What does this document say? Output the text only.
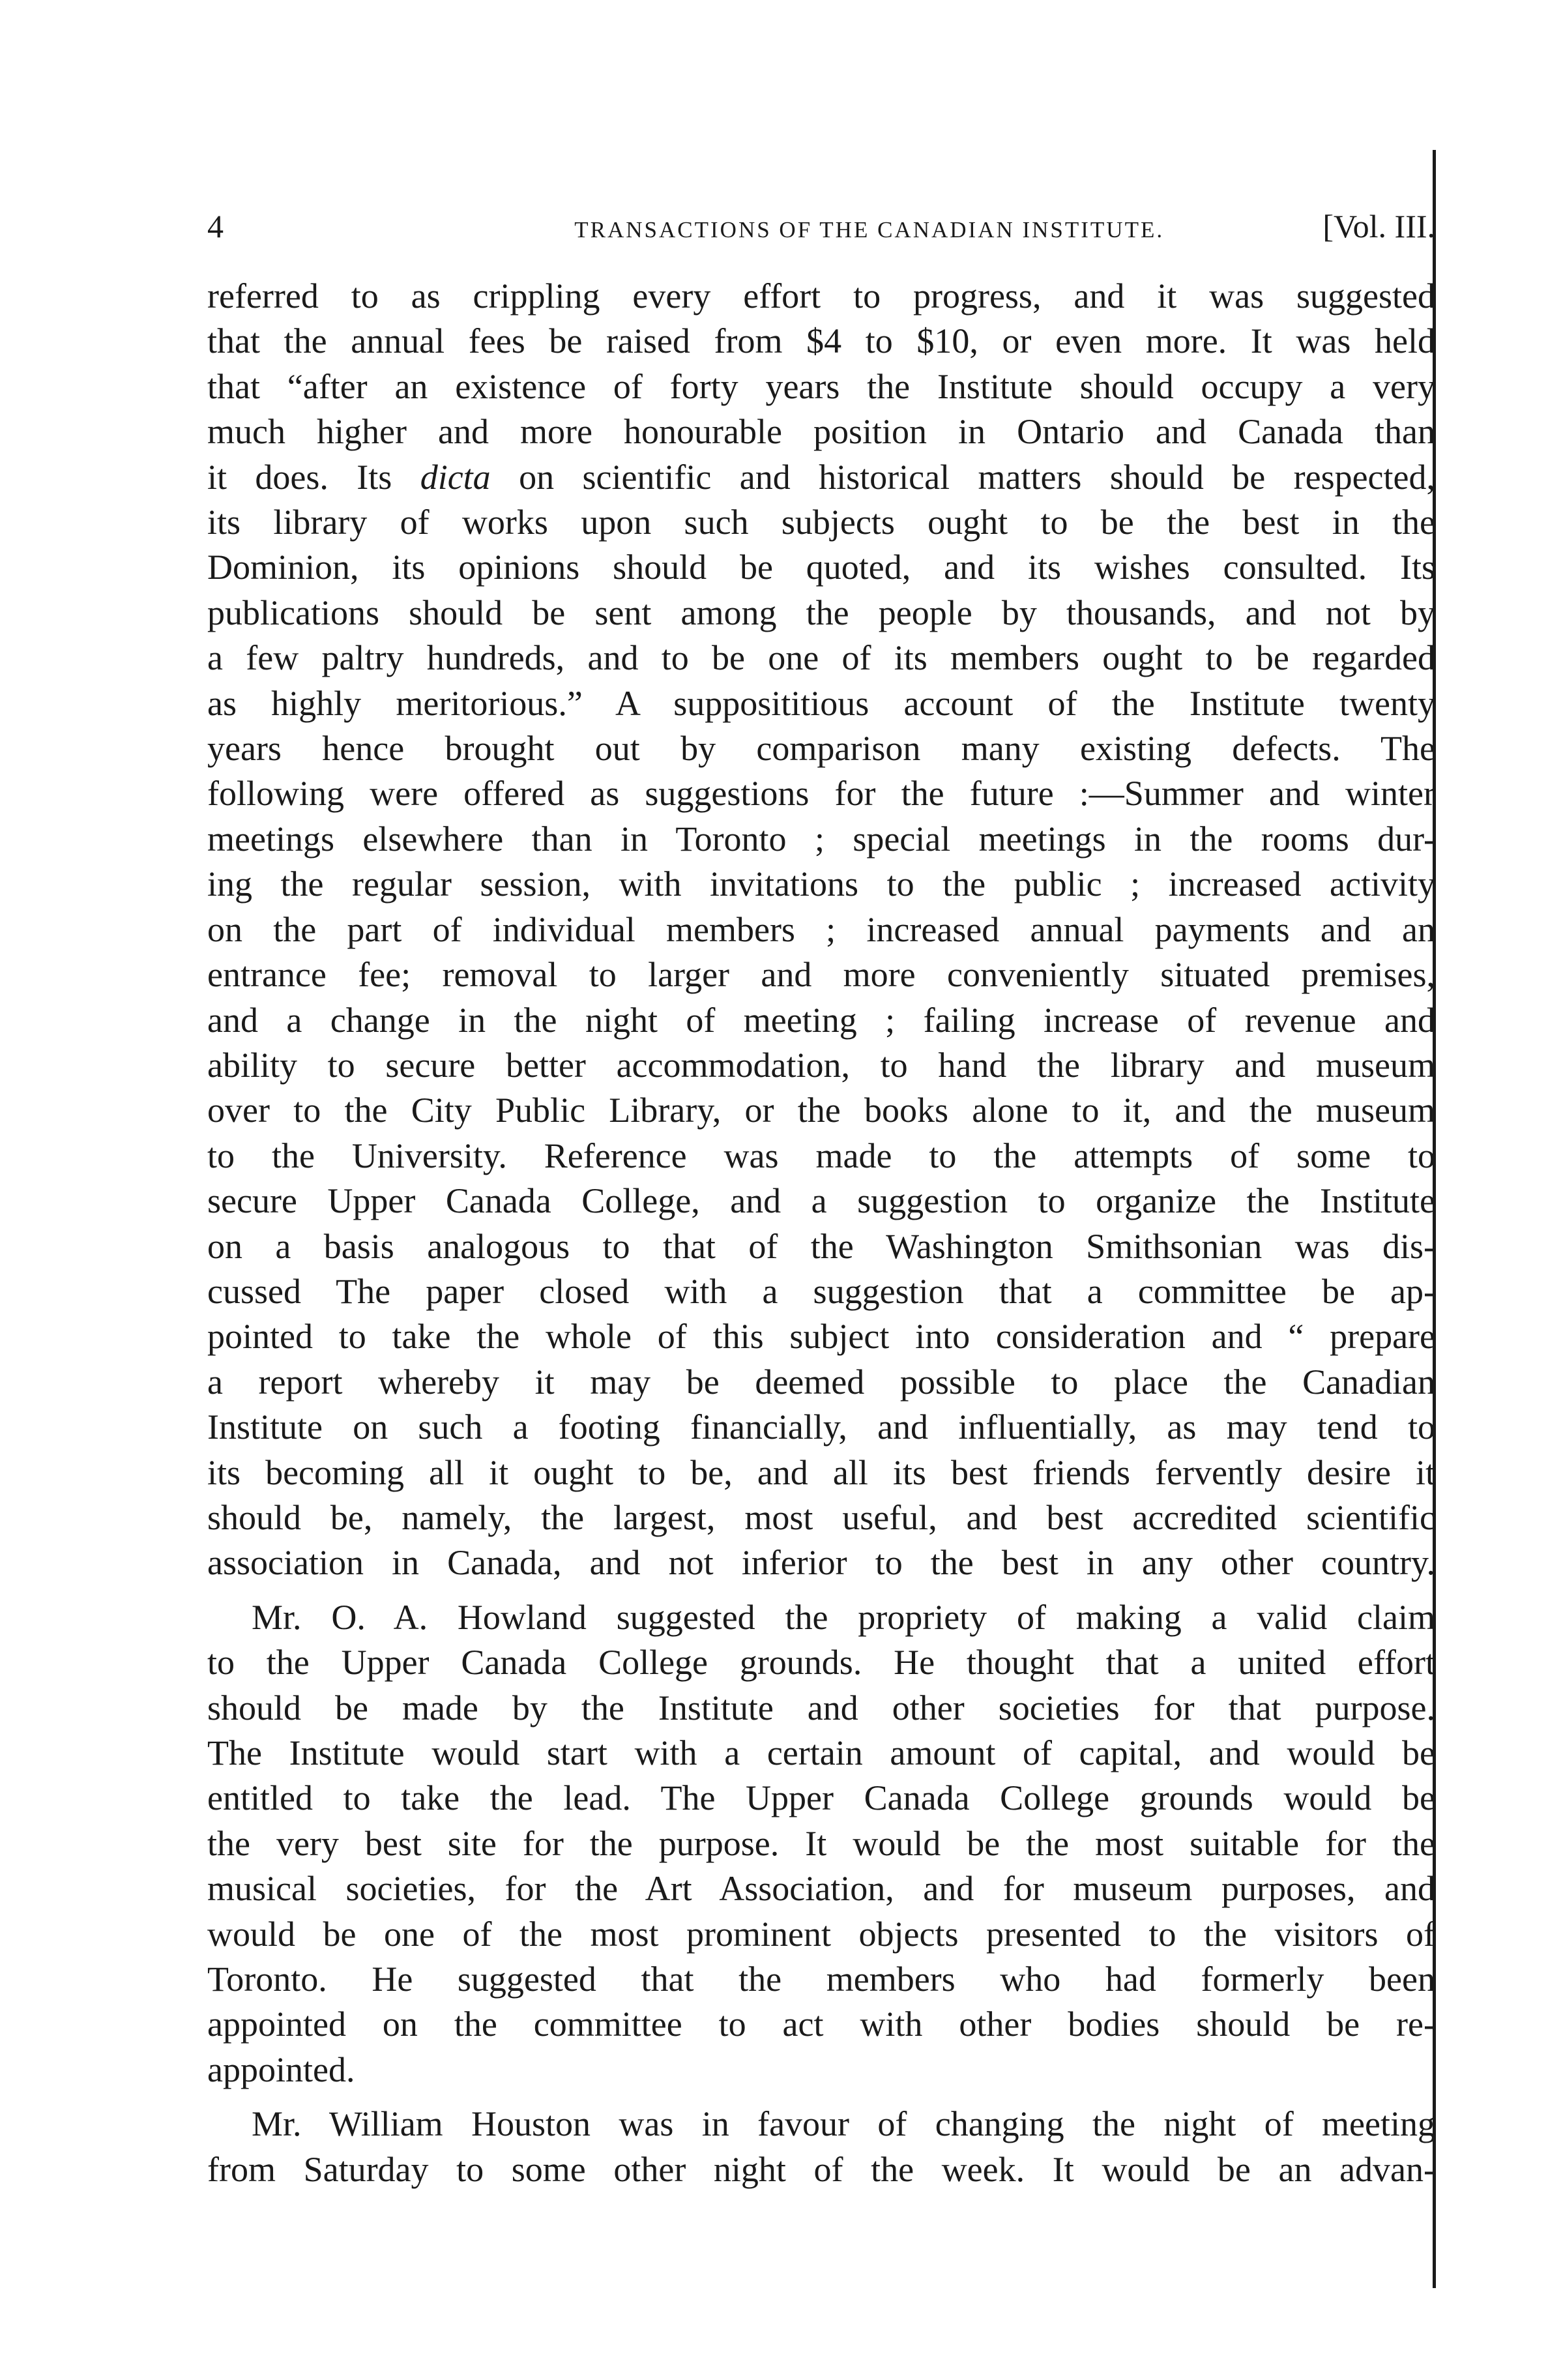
4	TRANSACTIONS OF THE CANADIAN INSTITUTE.	[Vol. III.
referred to as crippling every effort to progress, and it was suggested
that the annual fees be raised from $4 to $10, or even more. It was held
that “after an existence of forty years the Institute should occupy a very
much higher and more honourable position in Ontario and Canada than
it does. Its dicta on scientific and historical matters should be respected,
its library of works upon such subjects ought to be the best in the
Dominion, its opinions should be quoted, and its wishes consulted. Its
publications should be sent among the people by thousands, and not by
a few paltry hundreds, and to be one of its members ought to be regarded
as highly meritorious.” A supposititious account of the Institute twenty
years hence brought out by comparison many existing defects. The
following were offered as suggestions for the future :—Summer and winter
meetings elsewhere than in Toronto ; special meetings in the rooms dur-
ing the regular session, with invitations to the public ; increased activity
on the part of individual members ; increased annual payments and an
entrance fee; removal to larger and more conveniently situated premises,
and a change in the night of meeting ; failing increase of revenue and
ability to secure better accommodation, to hand the library and museum
over to the City Public Library, or the books alone to it, and the museum
to the University. Reference was made to the attempts of some to
secure Upper Canada College, and a suggestion to organize the Institute
on a basis analogous to that of the Washington Smithsonian was dis-
cussed The paper closed with a suggestion that a committee be ap-
pointed to take the whole of this subject into consideration and “ prepare
a report whereby it may be deemed possible to place the Canadian
Institute on such a footing financially, and influentially, as may tend to
its becoming all it ought to be, and all its best friends fervently desire it
should be, namely, the largest, most useful, and best accredited scientific
association in Canada, and not inferior to the best in any other country.
Mr. O. A. Howland suggested the propriety of making a valid claim
to the Upper Canada College grounds. He thought that a united effort
should be made by the Institute and other societies for that purpose.
The Institute would start with a certain amount of capital, and would be
entitled to take the lead. The Upper Canada College grounds would be
the very best site for the purpose. It would be the most suitable for the
musical societies, for the Art Association, and for museum purposes, and
would be one of the most prominent objects presented to the visitors of
Toronto. He suggested that the members who had formerly been
appointed on the committee to act with other bodies should be re-
appointed.
Mr. William Houston was in favour of changing the night of meeting
from Saturday to some other night of the week. It would be an advan-
